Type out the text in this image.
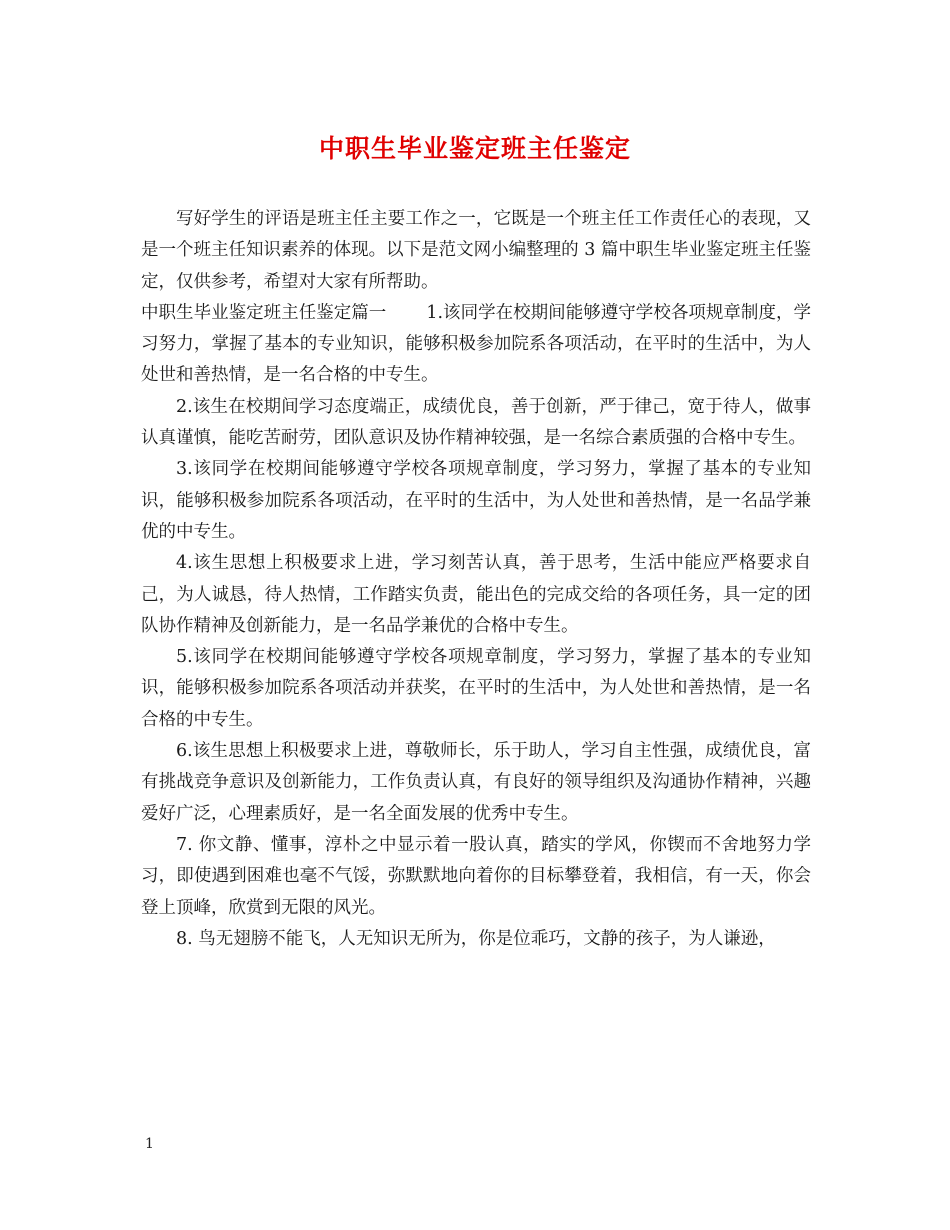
中职生毕业鉴定班主任鉴定

写好学生的评语是班主任主要工作之一，它既是一个班主任工作责任心的表现，又是一个班主任知识素养的体现。以下是范文网小编整理的 3 篇中职生毕业鉴定班主任鉴定，仅供参考，希望对大家有所帮助。

中职生毕业鉴定班主任鉴定篇一 1.该同学在校期间能够遵守学校各项规章制度，学习努力，掌握了基本的专业知识，能够积极参加院系各项活动，在平时的生活中，为人处世和善热情，是一名合格的中专生。

2.该生在校期间学习态度端正，成绩优良，善于创新，严于律己，宽于待人，做事认真谨慎，能吃苦耐劳，团队意识及协作精神较强，是一名综合素质强的合格中专生。

3.该同学在校期间能够遵守学校各项规章制度，学习努力，掌握了基本的专业知识，能够积极参加院系各项活动，在平时的生活中，为人处世和善热情，是一名品学兼优的中专生。

4.该生思想上积极要求上进，学习刻苦认真，善于思考，生活中能应严格要求自己，为人诚恳，待人热情，工作踏实负责，能出色的完成交给的各项任务，具一定的团队协作精神及创新能力，是一名品学兼优的合格中专生。

5.该同学在校期间能够遵守学校各项规章制度，学习努力，掌握了基本的专业知识，能够积极参加院系各项活动并获奖，在平时的生活中，为人处世和善热情，是一名合格的中专生。

6.该生思想上积极要求上进，尊敬师长，乐于助人，学习自主性强，成绩优良，富有挑战竞争意识及创新能力，工作负责认真，有良好的领导组织及沟通协作精神，兴趣爱好广泛，心理素质好，是一名全面发展的优秀中专生。

7. 你文静、懂事，淳朴之中显示着一股认真，踏实的学风，你锲而不舍地努力学习，即使遇到困难也毫不气馁，弥默默地向着你的目标攀登着，我相信，有一天，你会登上顶峰，欣赏到无限的风光。

8. 鸟无翅膀不能飞，人无知识无所为，你是位乖巧，文静的孩子，为人谦逊，

1
